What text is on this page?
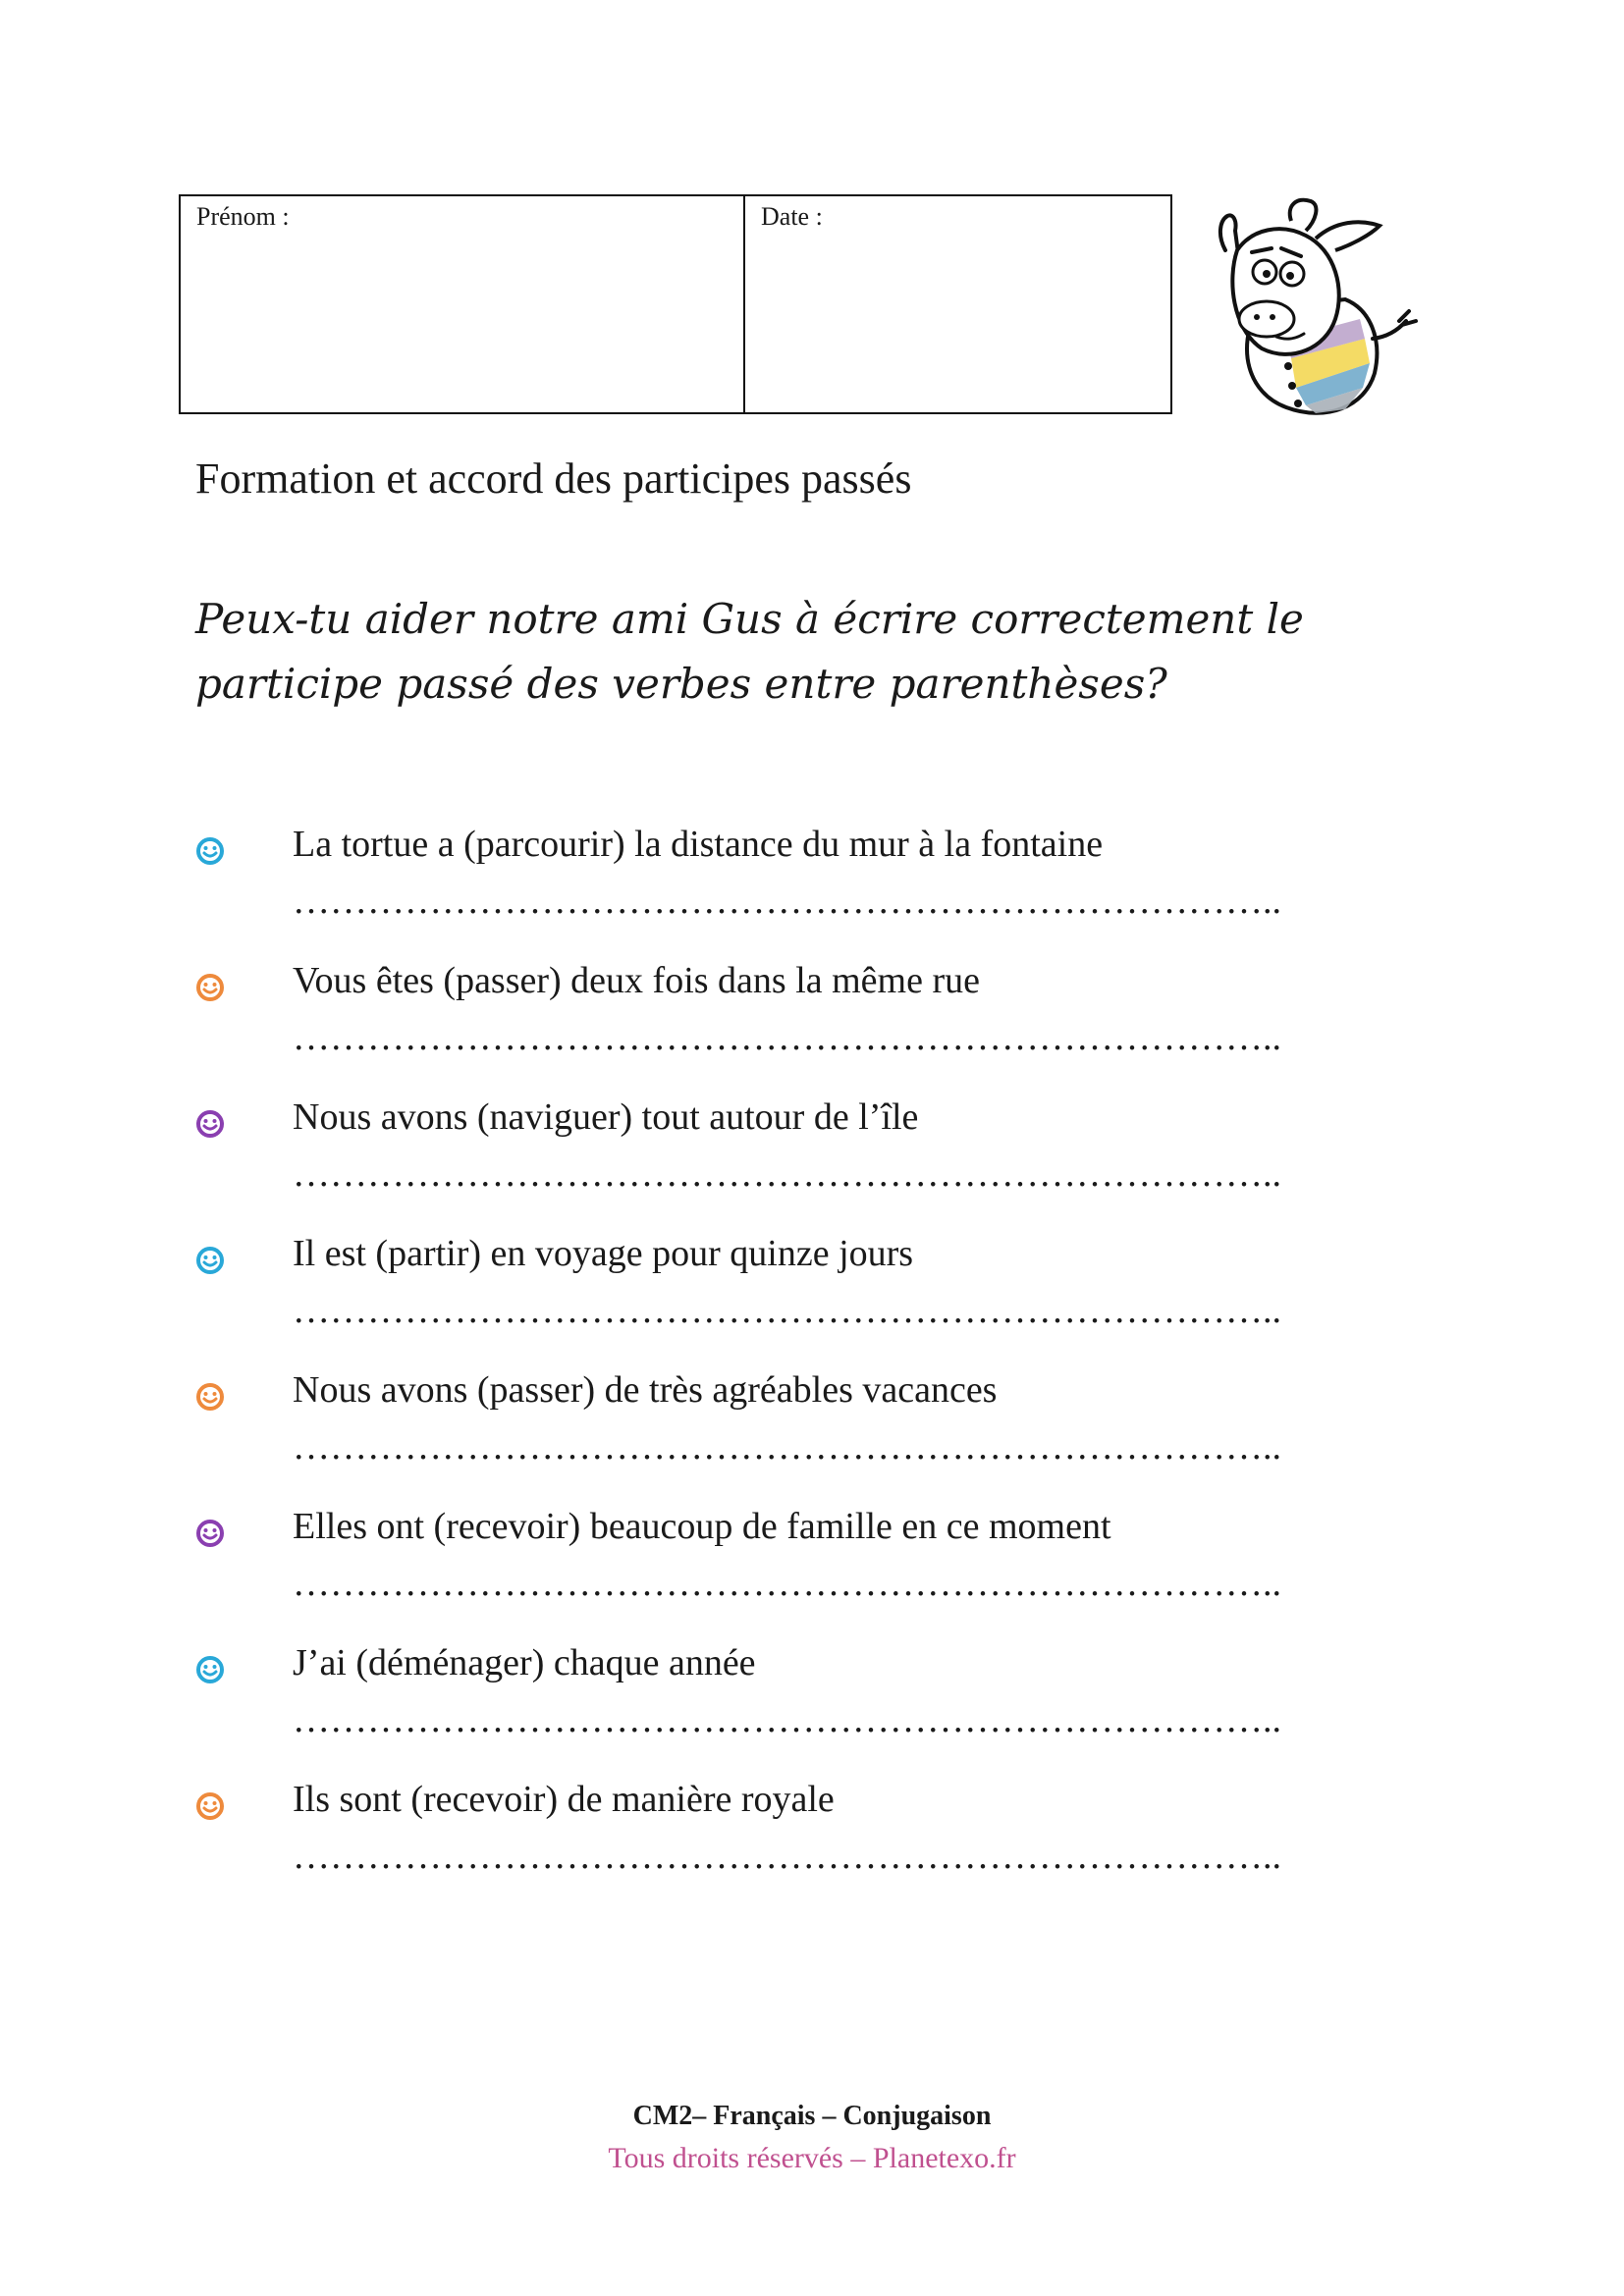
Prénom :	Date :
Formation et accord des participes passés
Peux-tu aider notre ami Gus à écrire correctement le participe passé des verbes entre parenthèses?
La tortue a (parcourir) la distance du mur à la fontaine
……………………………………………………………………..
Vous êtes (passer) deux fois dans la même rue
……………………………………………………………………..
Nous avons (naviguer) tout autour de l’île
……………………………………………………………………..
Il est (partir) en voyage pour quinze jours
……………………………………………………………………..
Nous avons (passer) de très agréables vacances
……………………………………………………………………..
Elles ont (recevoir) beaucoup de famille en ce moment
……………………………………………………………………..
J’ai (déménager) chaque année
……………………………………………………………………..
Ils sont (recevoir) de manière royale
……………………………………………………………………..
CM2– Français – Conjugaison
Tous droits réservés – Planetexo.fr
